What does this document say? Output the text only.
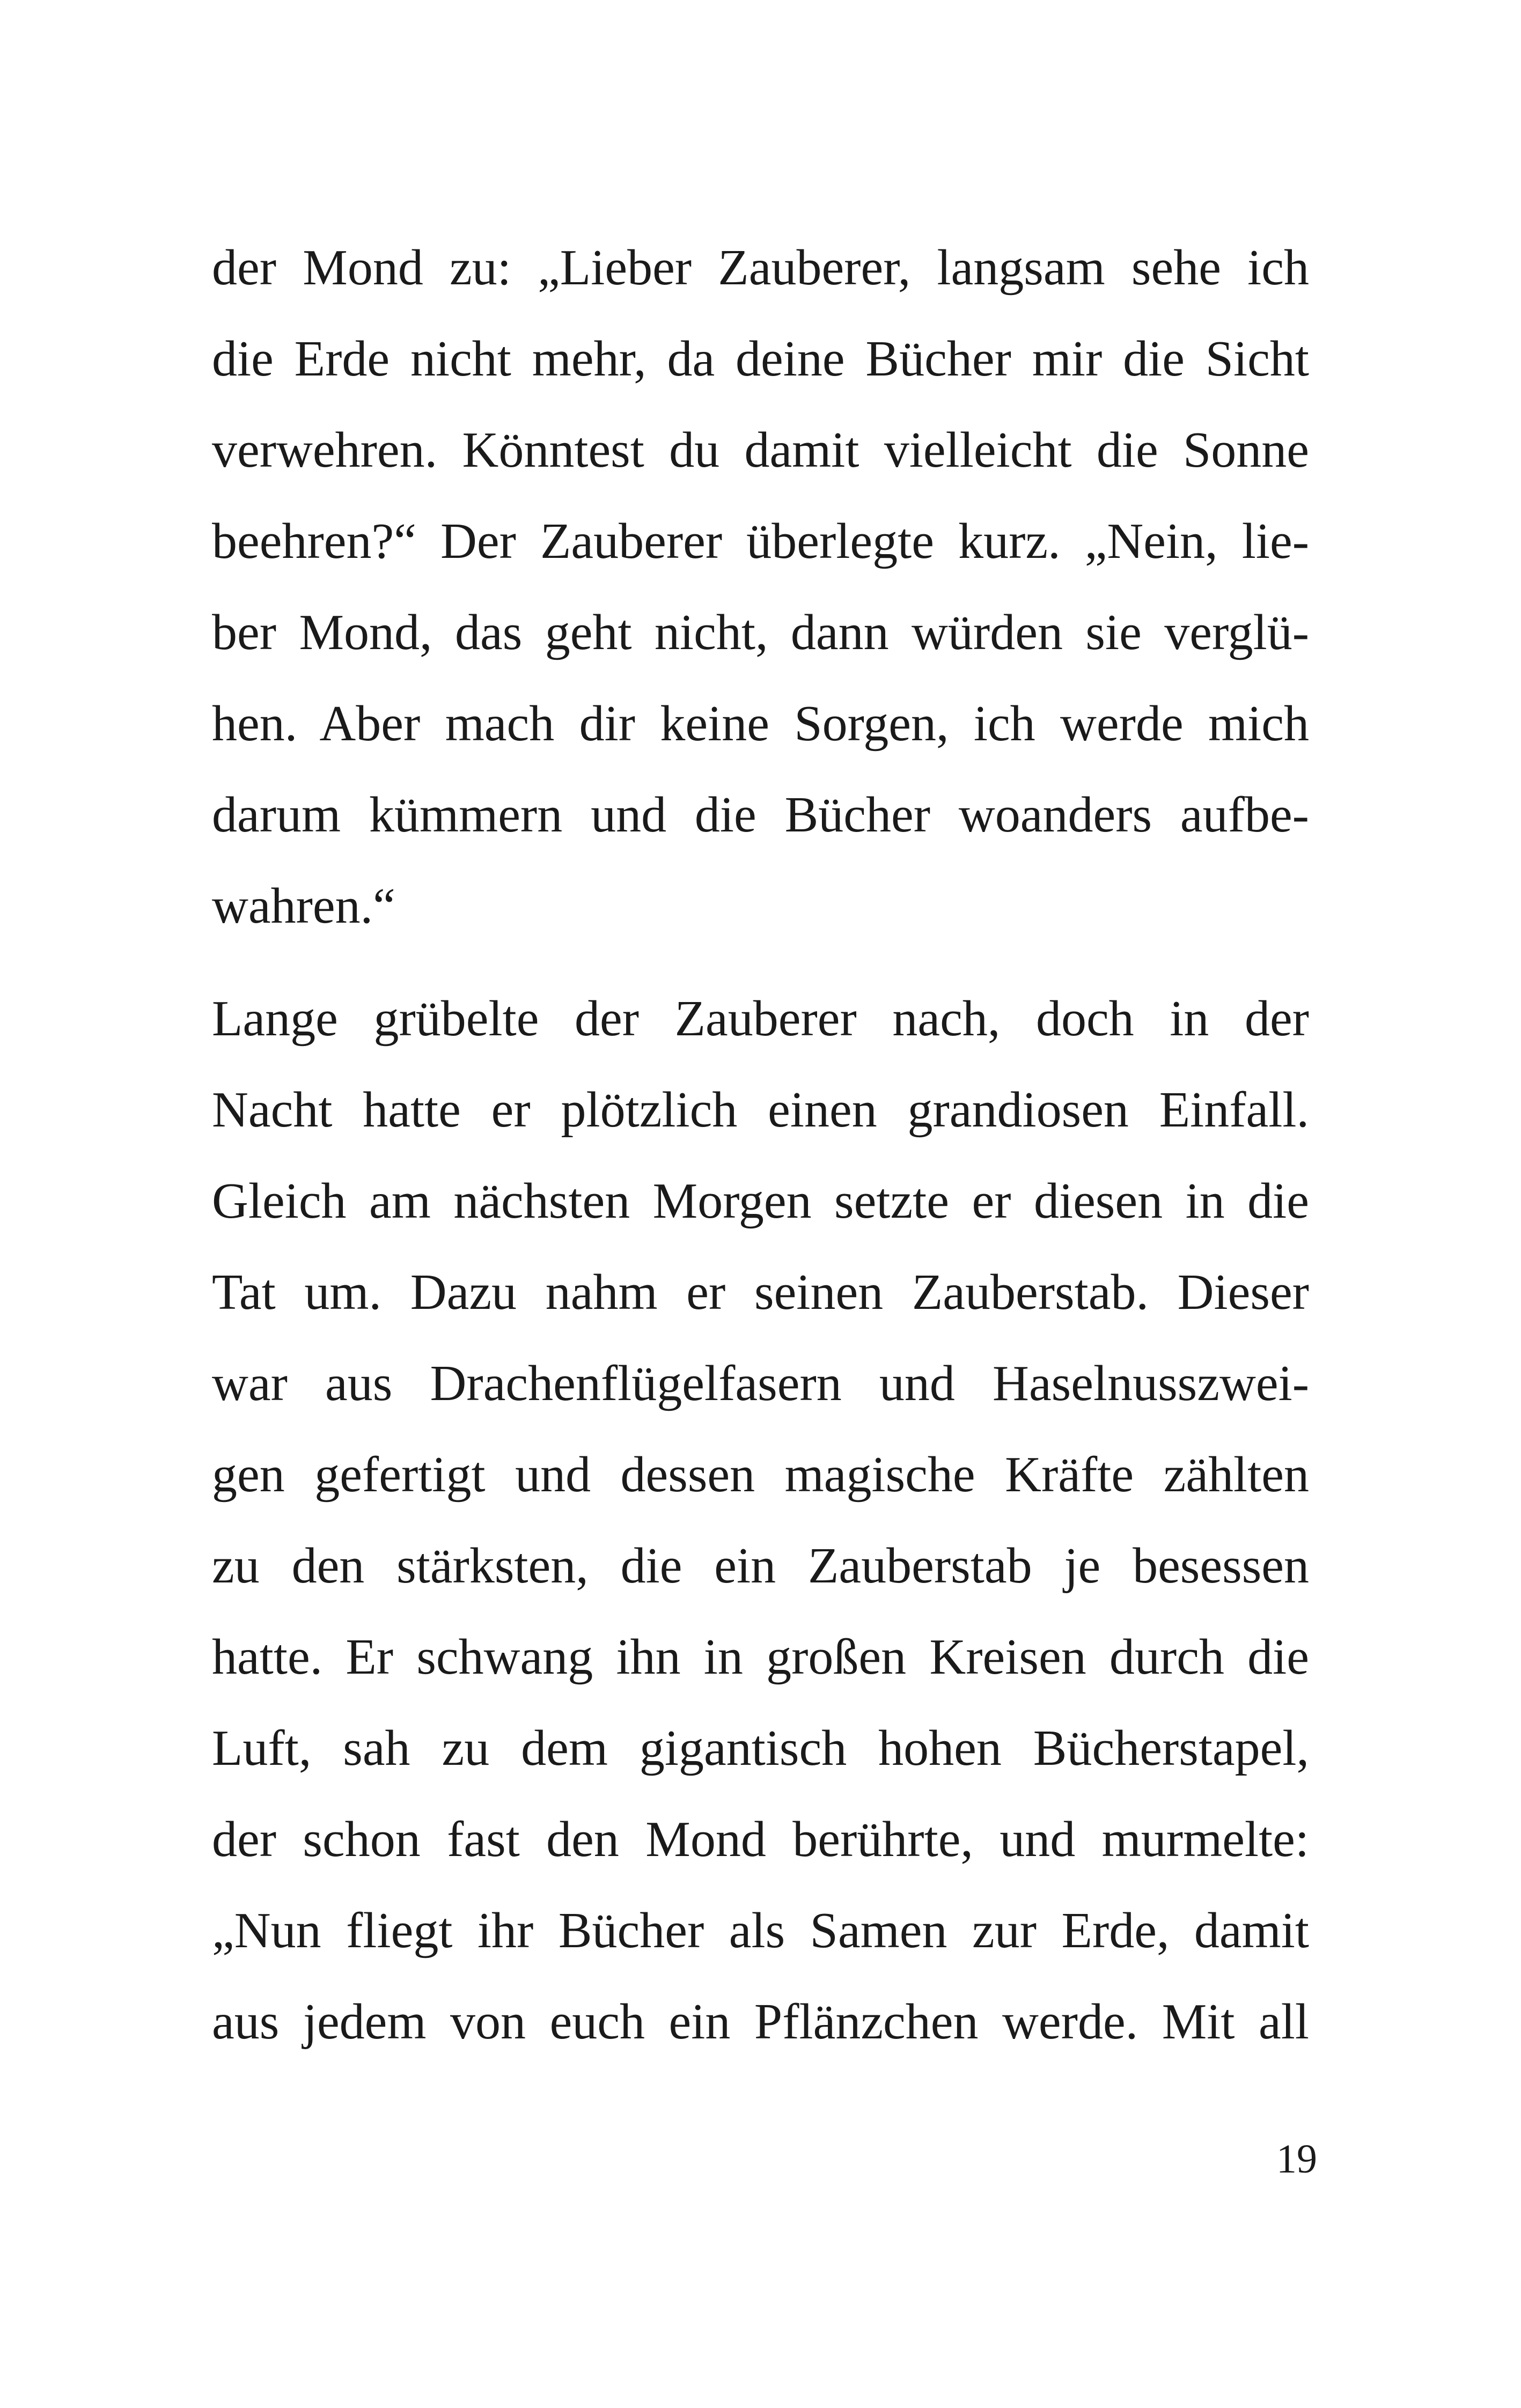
der Mond zu: „Lieber Zauberer, langsam sehe ich
die Erde nicht mehr, da deine Bücher mir die Sicht
verwehren. Könntest du damit vielleicht die Sonne
beehren?“ Der Zauberer überlegte kurz. „Nein, lie-
ber Mond, das geht nicht, dann würden sie verglü-
hen. Aber mach dir keine Sorgen, ich werde mich
darum kümmern und die Bücher woanders aufbe-
wahren.“
Lange grübelte der Zauberer nach, doch in der
Nacht hatte er plötzlich einen grandiosen Einfall.
Gleich am nächsten Morgen setzte er diesen in die
Tat um. Dazu nahm er seinen Zauberstab. Dieser
war aus Drachenflügelfasern und Haselnusszwei-
gen gefertigt und dessen magische Kräfte zählten
zu den stärksten, die ein Zauberstab je besessen
hatte. Er schwang ihn in großen Kreisen durch die
Luft, sah zu dem gigantisch hohen Bücherstapel,
der schon fast den Mond berührte, und murmelte:
„Nun fliegt ihr Bücher als Samen zur Erde, damit
aus jedem von euch ein Pflänzchen werde. Mit all
19
